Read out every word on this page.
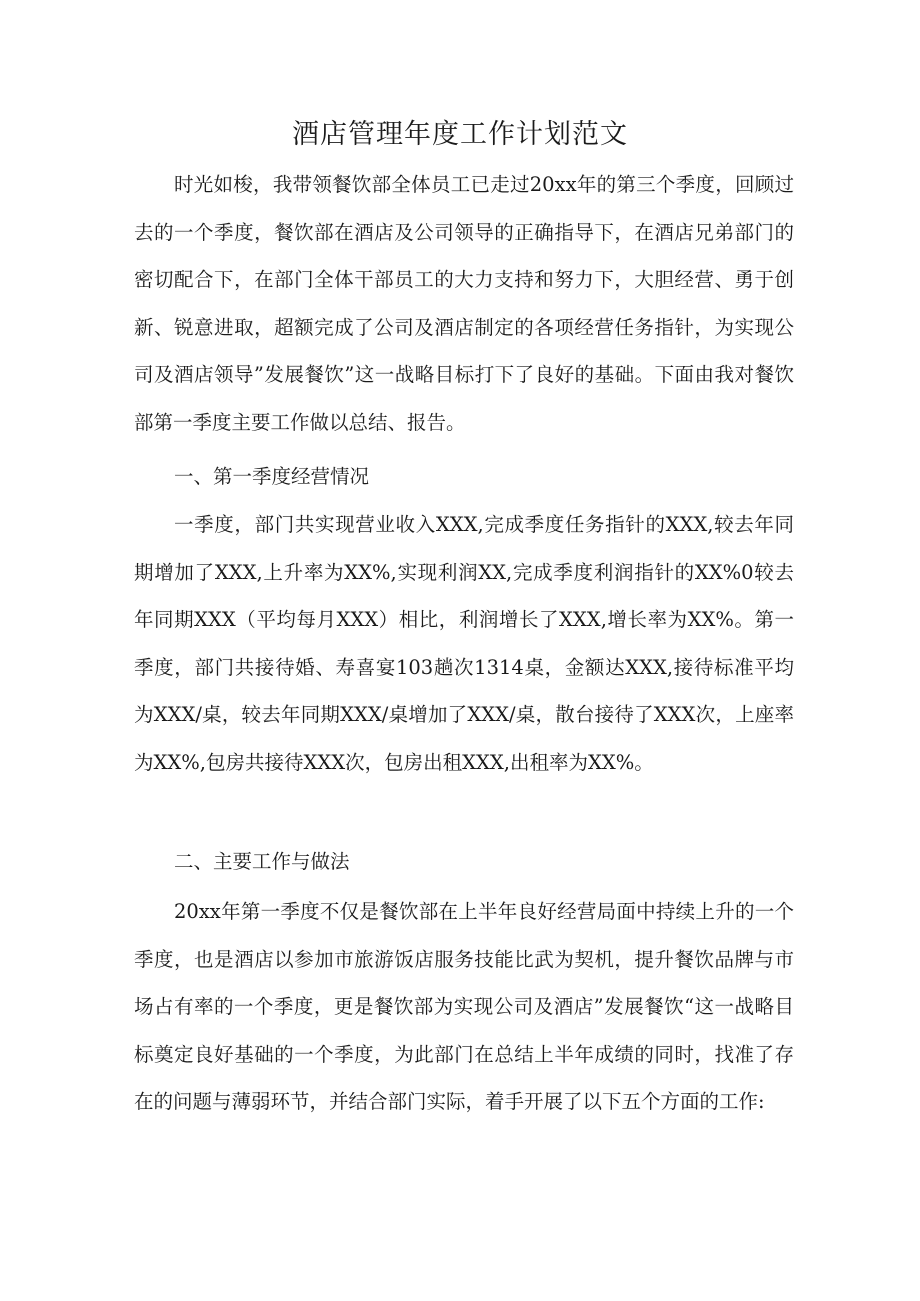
酒店管理年度工作计划范文

时光如梭，我带领餐饮部全体员工已走过20xx年的第三个季度，回顾过去的一个季度，餐饮部在酒店及公司领导的正确指导下，在酒店兄弟部门的密切配合下，在部门全体干部员工的大力支持和努力下，大胆经营、勇于创新、锐意进取，超额完成了公司及酒店制定的各项经营任务指针，为实现公司及酒店领导”发展餐饮”这一战略目标打下了良好的基础。下面由我对餐饮部第一季度主要工作做以总结、报告。

一、第一季度经营情况

一季度，部门共实现营业收入XXX,完成季度任务指针的XXX,较去年同期增加了XXX,上升率为XX%,实现利润XX,完成季度利润指针的XX%0较去年同期XXX（平均每月XXX）相比，利润增长了XXX,增长率为XX%。第一季度，部门共接待婚、寿喜宴103趟次1314桌，金额达XXX,接待标准平均为XXX/桌，较去年同期XXX/桌增加了XXX/桌，散台接待了XXX次，上座率为XX%,包房共接待XXX次，包房出租XXX,出租率为XX%。

二、主要工作与做法

20xx年第一季度不仅是餐饮部在上半年良好经营局面中持续上升的一个季度，也是酒店以参加市旅游饭店服务技能比武为契机，提升餐饮品牌与市场占有率的一个季度，更是餐饮部为实现公司及酒店”发展餐饮“这一战略目标奠定良好基础的一个季度，为此部门在总结上半年成绩的同时，找准了存在的问题与薄弱环节，并结合部门实际，着手开展了以下五个方面的工作:
